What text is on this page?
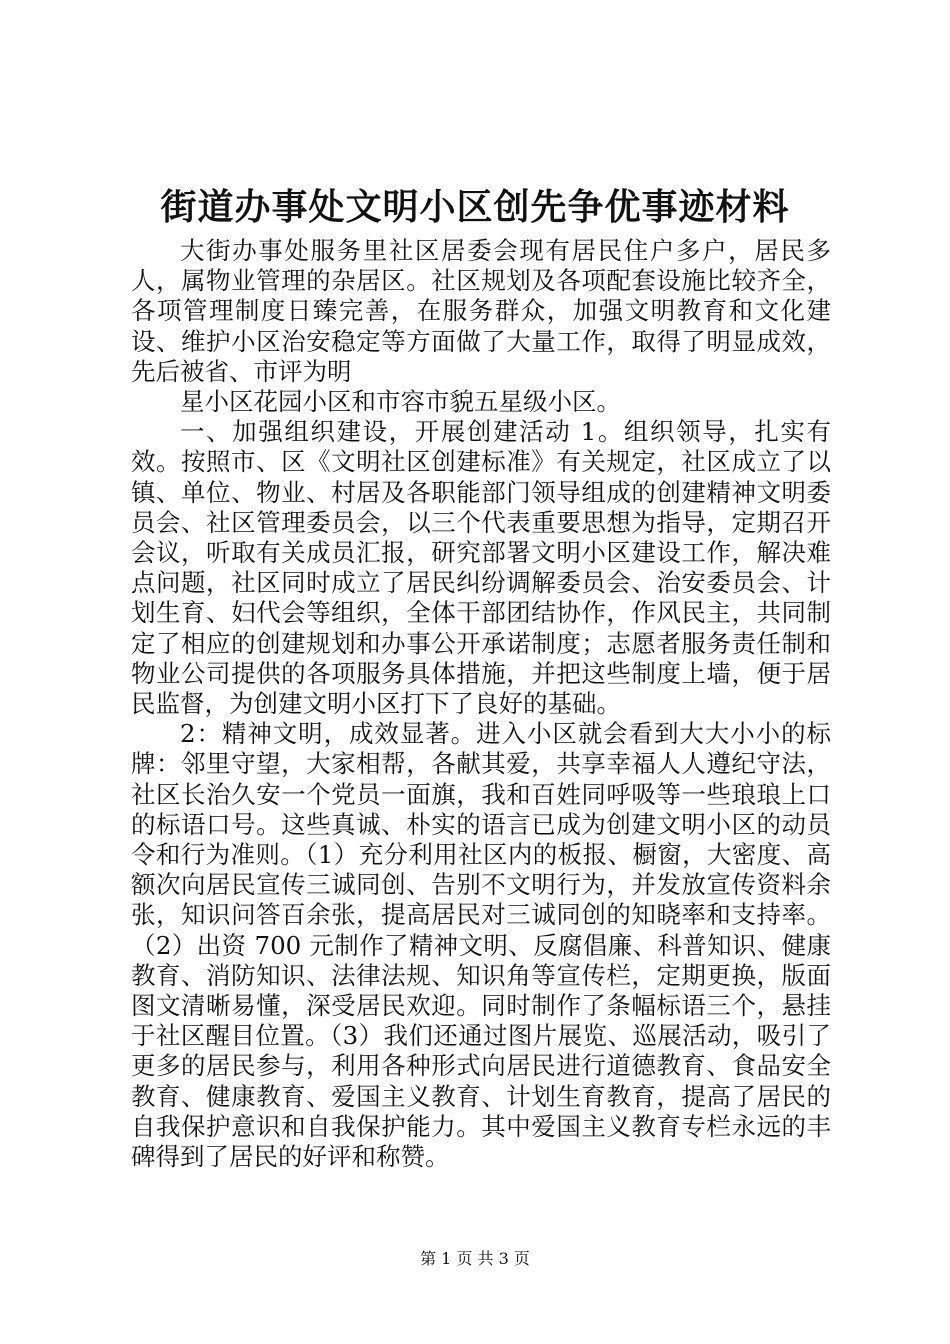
街道办事处文明小区创先争优事迹材料

大街办事处服务里社区居委会现有居民住户多户，居民多人，属物业管理的杂居区。社区规划及各项配套设施比较齐全，各项管理制度日臻完善，在服务群众，加强文明教育和文化建设、维护小区治安稳定等方面做了大量工作，取得了明显成效，先后被省、市评为明

星小区花园小区和市容市貌五星级小区。

一、加强组织建设，开展创建活动 1。组织领导，扎实有效。按照市、区《文明社区创建标准》有关规定，社区成立了以镇、单位、物业、村居及各职能部门领导组成的创建精神文明委员会、社区管理委员会，以三个代表重要思想为指导，定期召开会议，听取有关成员汇报，研究部署文明小区建设工作，解决难点问题，社区同时成立了居民纠纷调解委员会、治安委员会、计划生育、妇代会等组织，全体干部团结协作，作风民主，共同制定了相应的创建规划和办事公开承诺制度；志愿者服务责任制和物业公司提供的各项服务具体措施，并把这些制度上墙，便于居民监督，为创建文明小区打下了良好的基础。

2：精神文明，成效显著。进入小区就会看到大大小小的标牌：邻里守望，大家相帮，各献其爱，共享幸福人人遵纪守法，社区长治久安一个党员一面旗，我和百姓同呼吸等一些琅琅上口的标语口号。这些真诚、朴实的语言已成为创建文明小区的动员令和行为准则。（1）充分利用社区内的板报、橱窗，大密度、高额次向居民宣传三诚同创、告别不文明行为，并发放宣传资料余张，知识问答百余张，提高居民对三诚同创的知晓率和支持率。（2）出资 700 元制作了精神文明、反腐倡廉、科普知识、健康教育、消防知识、法律法规、知识角等宣传栏，定期更换，版面图文清晰易懂，深受居民欢迎。同时制作了条幅标语三个，悬挂于社区醒目位置。（3）我们还通过图片展览、巡展活动，吸引了更多的居民参与，利用各种形式向居民进行道德教育、食品安全教育、健康教育、爱国主义教育、计划生育教育，提高了居民的自我保护意识和自我保护能力。其中爱国主义教育专栏永远的丰碑得到了居民的好评和称赞。

第 1 页 共 3 页
